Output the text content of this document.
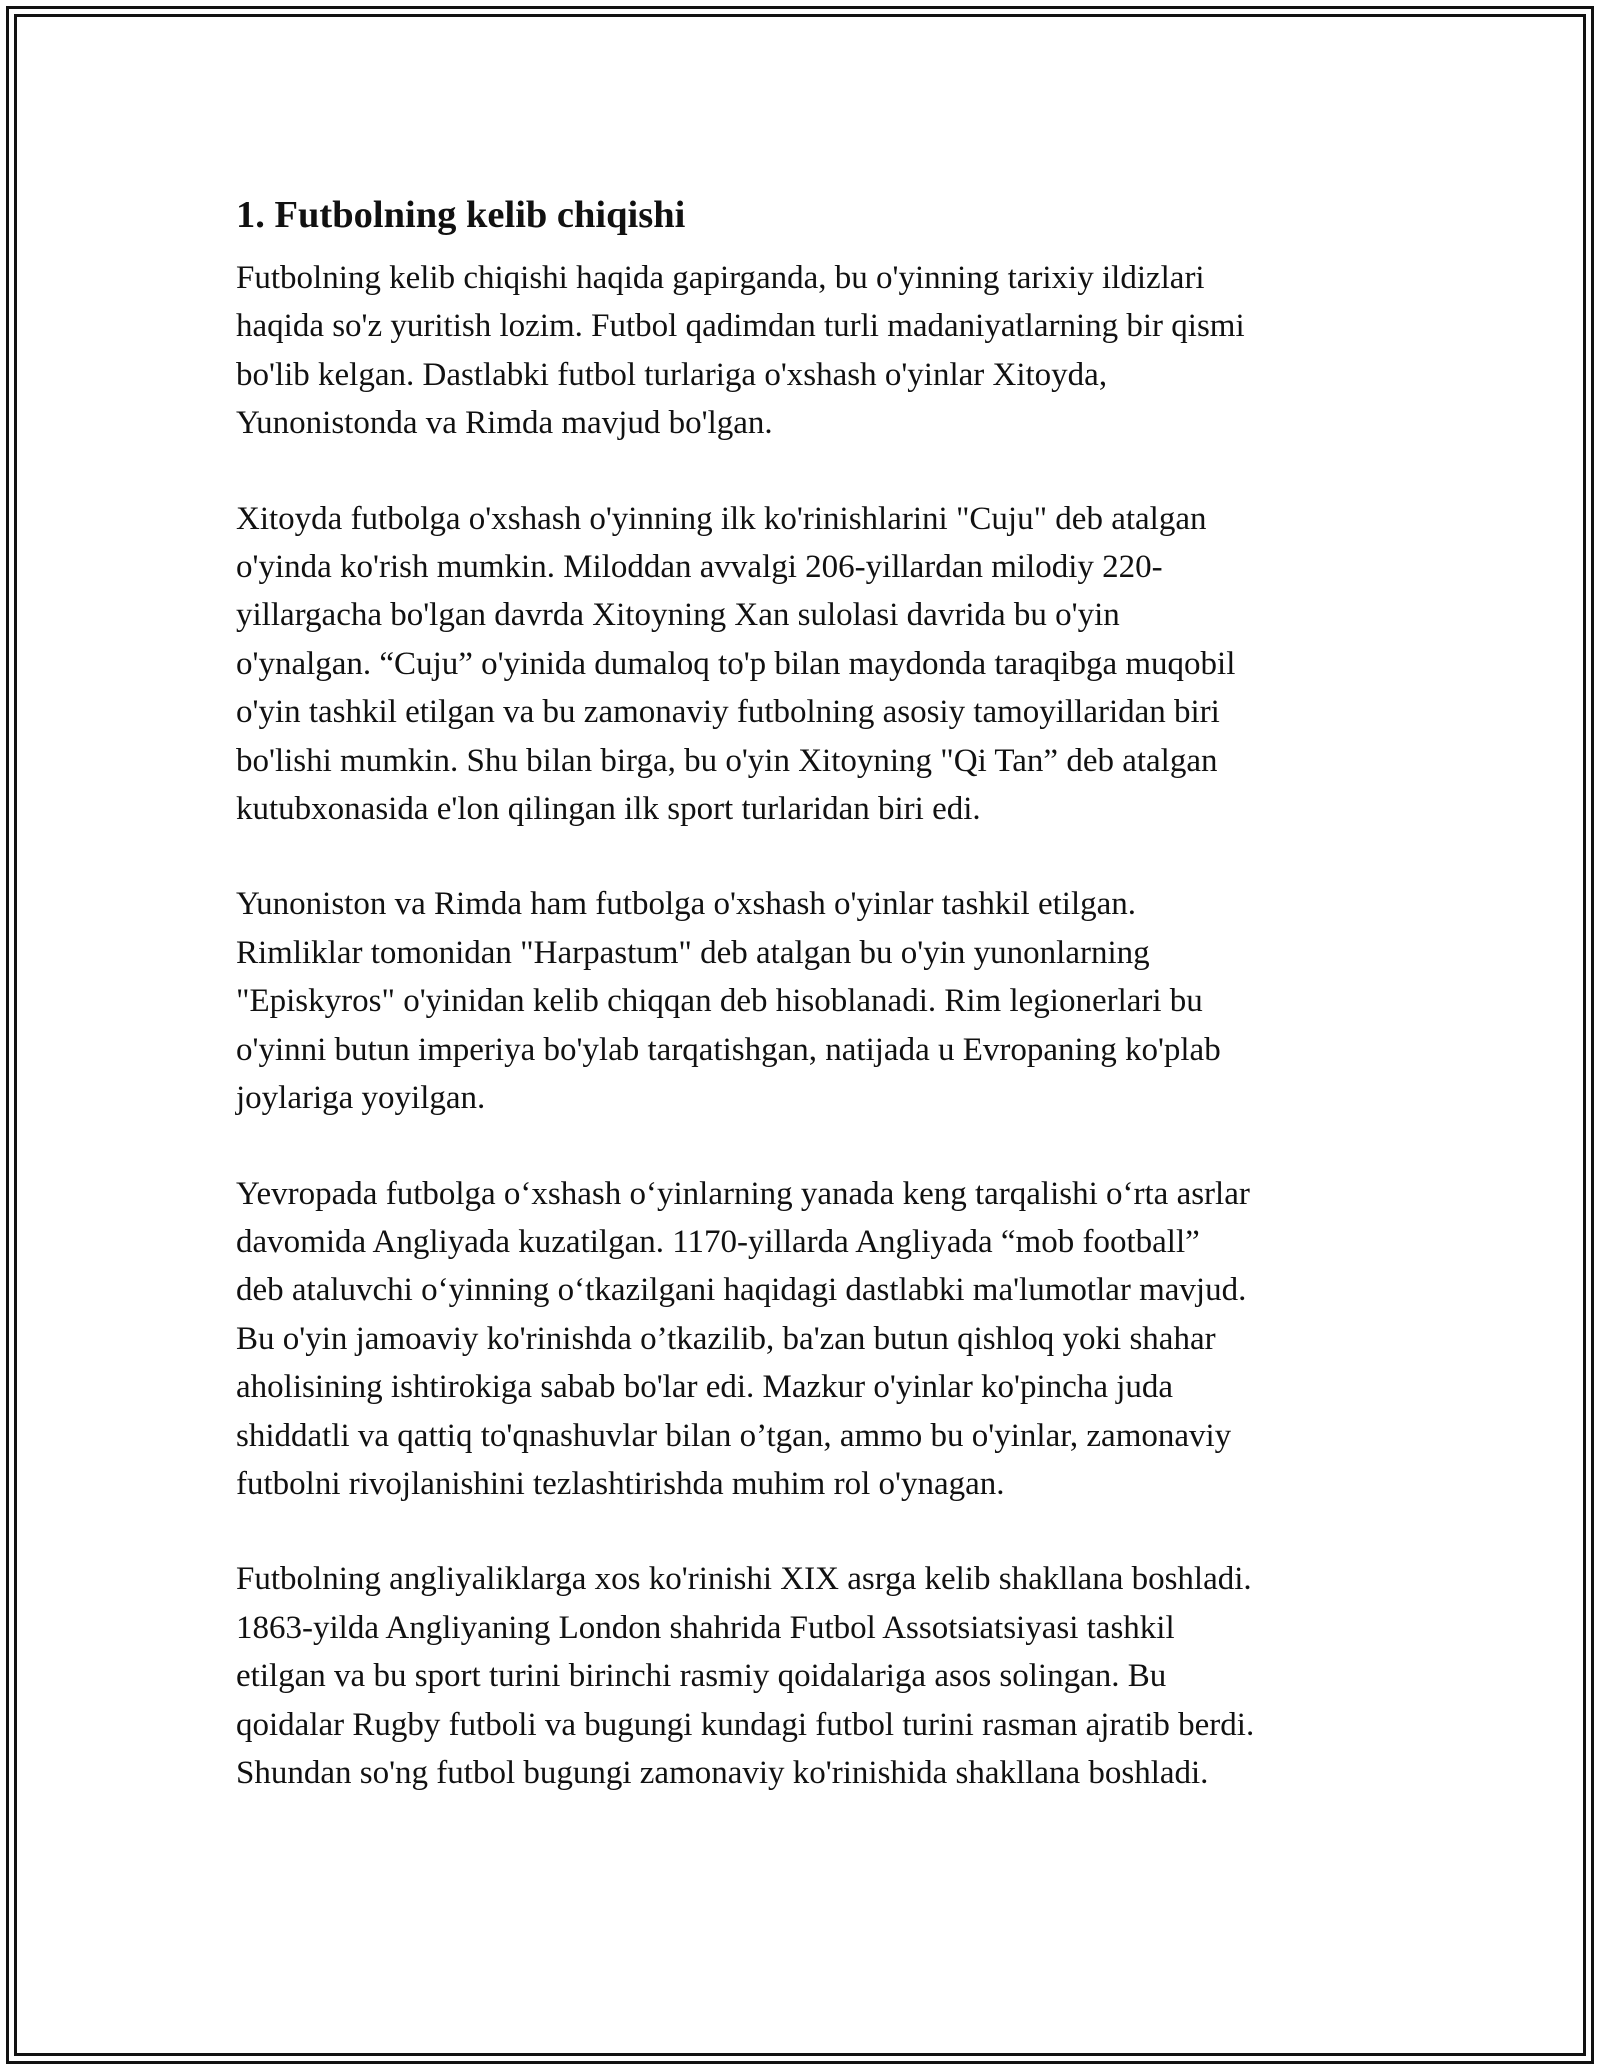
1. Futbolning kelib chiqishi

Futbolning kelib chiqishi haqida gapirganda, bu o'yinning tarixiy ildizlari
haqida so'z yuritish lozim. Futbol qadimdan turli madaniyatlarning bir qismi
bo'lib kelgan. Dastlabki futbol turlariga o'xshash o'yinlar Xitoyda,
Yunonistonda va Rimda mavjud bo'lgan.

Xitoyda futbolga o'xshash o'yinning ilk ko'rinishlarini "Cuju" deb atalgan
o'yinda ko'rish mumkin. Miloddan avvalgi 206-yillardan milodiy 220-
yillargacha bo'lgan davrda Xitoyning Xan sulolasi davrida bu o'yin
o'ynalgan. “Cuju” o'yinida dumaloq to'p bilan maydonda taraqibga muqobil
o'yin tashkil etilgan va bu zamonaviy futbolning asosiy tamoyillaridan biri
bo'lishi mumkin. Shu bilan birga, bu o'yin Xitoyning "Qi Tan” deb atalgan
kutubxonasida e'lon qilingan ilk sport turlaridan biri edi.

Yunoniston va Rimda ham futbolga o'xshash o'yinlar tashkil etilgan.
Rimliklar tomonidan "Harpastum" deb atalgan bu o'yin yunonlarning
"Episkyros" o'yinidan kelib chiqqan deb hisoblanadi. Rim legionerlari bu
o'yinni butun imperiya bo'ylab tarqatishgan, natijada u Evropaning ko'plab
joylariga yoyilgan.

Yevropada futbolga oʻxshash oʻyinlarning yanada keng tarqalishi oʻrta asrlar
davomida Angliyada kuzatilgan. 1170-yillarda Angliyada “mob football”
deb ataluvchi oʻyinning oʻtkazilgani haqidagi dastlabki ma'lumotlar mavjud.
Bu o'yin jamoaviy ko'rinishda o’tkazilib, ba'zan butun qishloq yoki shahar
aholisining ishtirokiga sabab bo'lar edi. Mazkur o'yinlar ko'pincha juda
shiddatli va qattiq to'qnashuvlar bilan o’tgan, ammo bu o'yinlar, zamonaviy
futbolni rivojlanishini tezlashtirishda muhim rol o'ynagan.

Futbolning angliyaliklarga xos ko'rinishi XIX asrga kelib shakllana boshladi.
1863-yilda Angliyaning London shahrida Futbol Assotsiatsiyasi tashkil
etilgan va bu sport turini birinchi rasmiy qoidalariga asos solingan. Bu
qoidalar Rugby futboli va bugungi kundagi futbol turini rasman ajratib berdi.
Shundan so'ng futbol bugungi zamonaviy ko'rinishida shakllana boshladi.
